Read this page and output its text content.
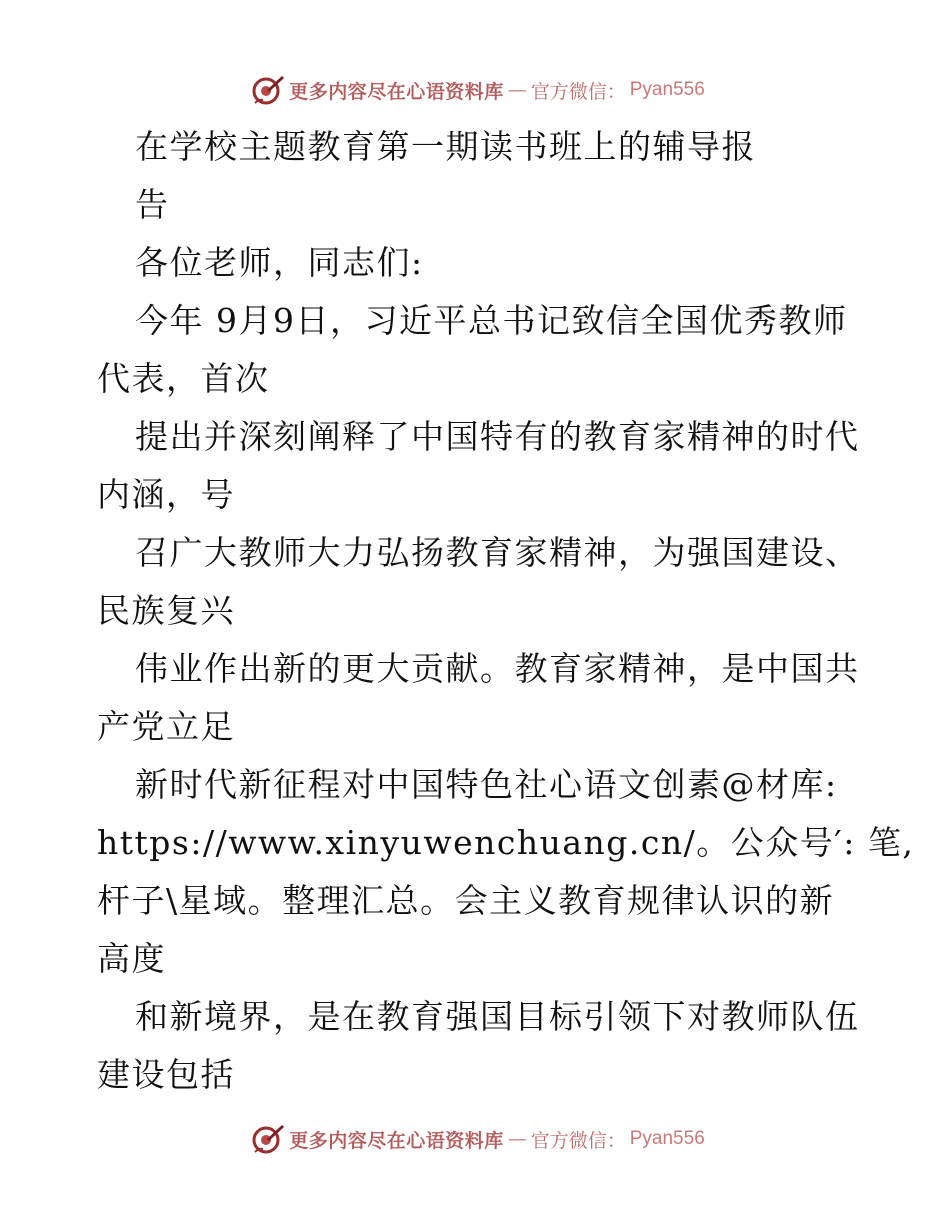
更多内容尽在心语资料库 — 官方微信： Pyan556
在学校主题教育第一期读书班上的辅导报
告
各位老师，同志们:
今年 9月9日，习近平总书记致信全国优秀教师
代表，首次
提出并深刻阐释了中国特有的教育家精神的时代
内涵，号
召广大教师大力弘扬教育家精神，为强国建设、
民族复兴
伟业作出新的更大贡献。教育家精神，是中国共
产党立足
新时代新征程对中国特色社心语文创素@材库:
https://www.xinyuwenchuang.cn/。公众号′: 笔,
杆子\星域。整理汇总。会主义教育规律认识的新
高度
和新境界，是在教育强国目标引领下对教师队伍
建设包括
更多内容尽在心语资料库 — 官方微信： Pyan556
